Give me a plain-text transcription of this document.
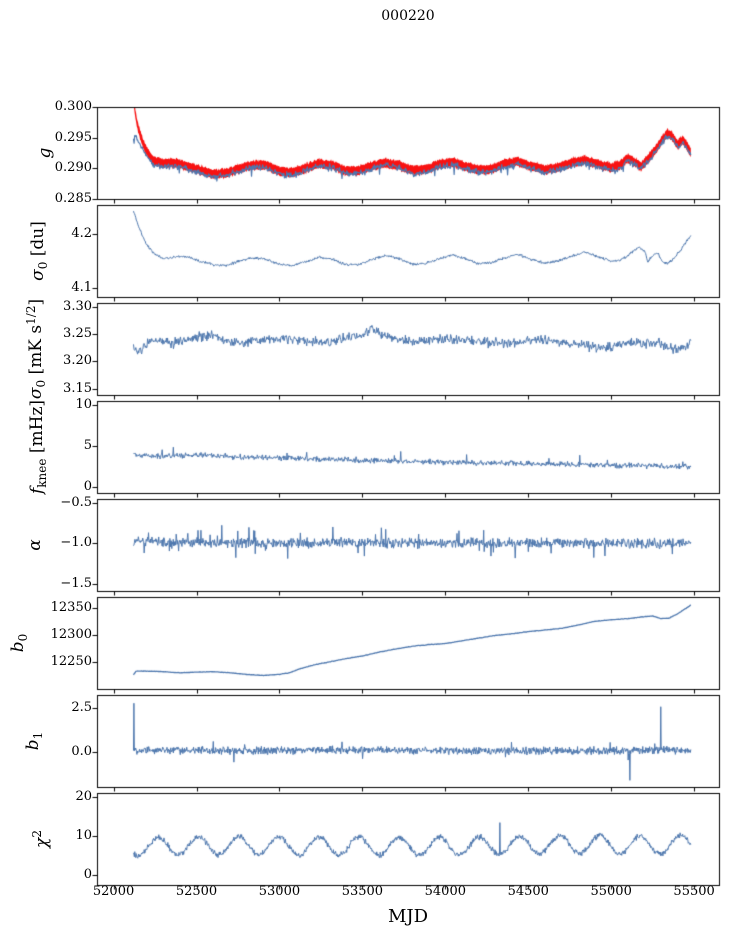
000220
0.285
0.290
0.295
0.300
g
4.1
4.2
$\sigma_0$ [du]
3.15
3.20
3.25
3.30
$\sigma_0$ [mK $s^{1/2}$]
0
5
10
$f_{knee}$ [mHz]
−1.5
−1.0
−0.5
α
12250
12300
12350
$b_0$
0.0
2.5
$b_1$
0
10
20
$\chi^2$
52000	52500	53000	53500	54000	54500	55000	55500
MJD
